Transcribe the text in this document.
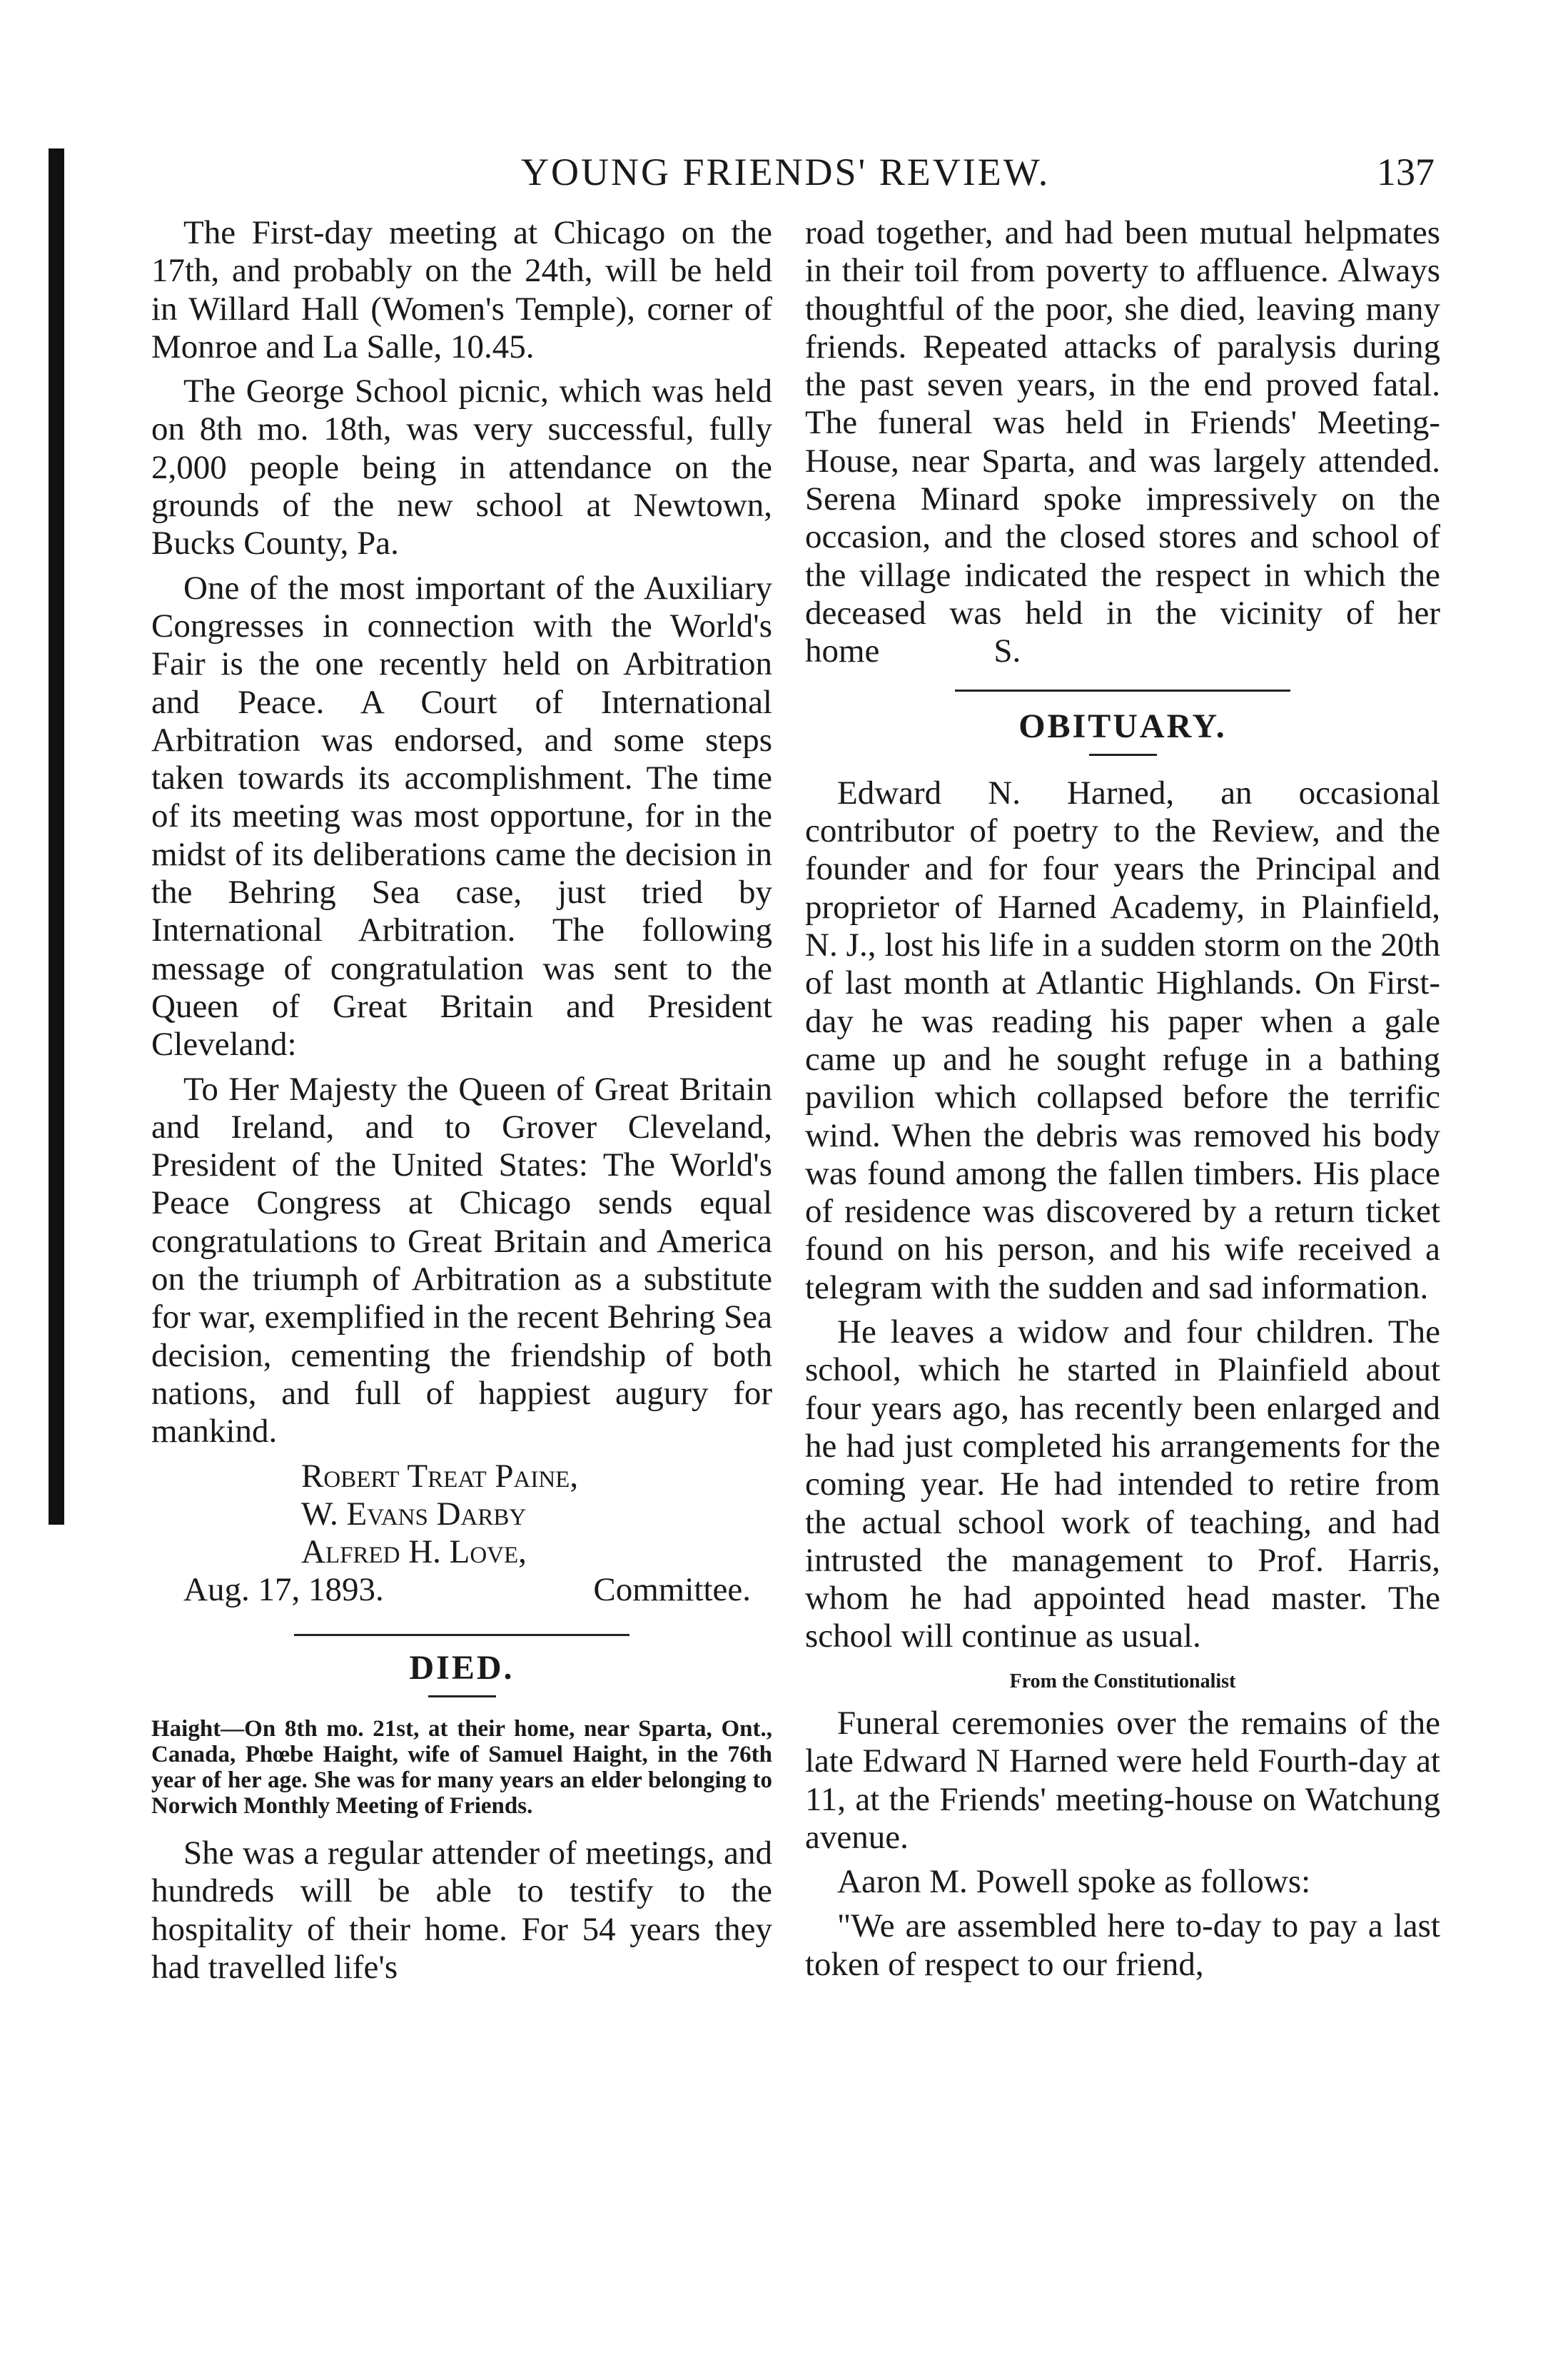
YOUNG FRIENDS' REVIEW.	137

The First-day meeting at Chicago on the 17th, and probably on the 24th, will be held in Willard Hall (Women's Temple), corner of Monroe and La Salle, 10.45.

The George School picnic, which was held on 8th mo. 18th, was very successful, fully 2,000 people being in attendance on the grounds of the new school at Newtown, Bucks County, Pa.

One of the most important of the Auxiliary Congresses in connection with the World's Fair is the one recently held on Arbitration and Peace. A Court of International Arbitration was endorsed, and some steps taken towards its accomplishment. The time of its meeting was most opportune, for in the midst of its deliberations came the decision in the Behring Sea case, just tried by International Arbitration. The following message of congratulation was sent to the Queen of Great Britain and President Cleveland:

To Her Majesty the Queen of Great Britain and Ireland, and to Grover Cleveland, President of the United States: The World's Peace Congress at Chicago sends equal congratulations to Great Britain and America on the triumph of Arbitration as a substitute for war, exemplified in the recent Behring Sea decision, cementing the friendship of both nations, and full of happiest augury for mankind.

Robert Treat Paine,
W. Evans Darby
Alfred H. Love,
Aug. 17, 1893.	Committee.
DIED.

Haight—On 8th mo. 21st, at their home, near Sparta, Ont., Canada, Phœbe Haight, wife of Samuel Haight, in the 76th year of her age. She was for many years an elder belonging to Norwich Monthly Meeting of Friends.

She was a regular attender of meetings, and hundreds will be able to testify to the hospitality of their home. For 54 years they had travelled life's

road together, and had been mutual helpmates in their toil from poverty to affluence. Always thoughtful of the poor, she died, leaving many friends. Repeated attacks of paralysis during the past seven years, in the end proved fatal. The funeral was held in Friends' Meeting-House, near Sparta, and was largely attended. Serena Minard spoke impressively on the occasion, and the closed stores and school of the village indicated the respect in which the deceased was held in the vicinity of her home	S.

OBITUARY.

Edward N. Harned, an occasional contributor of poetry to the Review, and the founder and for four years the Principal and proprietor of Harned Academy, in Plainfield, N. J., lost his life in a sudden storm on the 20th of last month at Atlantic Highlands. On First-day he was reading his paper when a gale came up and he sought refuge in a bathing pavilion which collapsed before the terrific wind. When the debris was removed his body was found among the fallen timbers. His place of residence was discovered by a return ticket found on his person, and his wife received a telegram with the sudden and sad information.

He leaves a widow and four children. The school, which he started in Plainfield about four years ago, has recently been enlarged and he had just completed his arrangements for the coming year. He had intended to retire from the actual school work of teaching, and had intrusted the management to Prof. Harris, whom he had appointed head master. The school will continue as usual.

From the Constitutionalist

Funeral ceremonies over the remains of the late Edward N Harned were held Fourth-day at 11, at the Friends' meeting-house on Watchung avenue.

Aaron M. Powell spoke as follows:

"We are assembled here to-day to pay a last token of respect to our friend,
